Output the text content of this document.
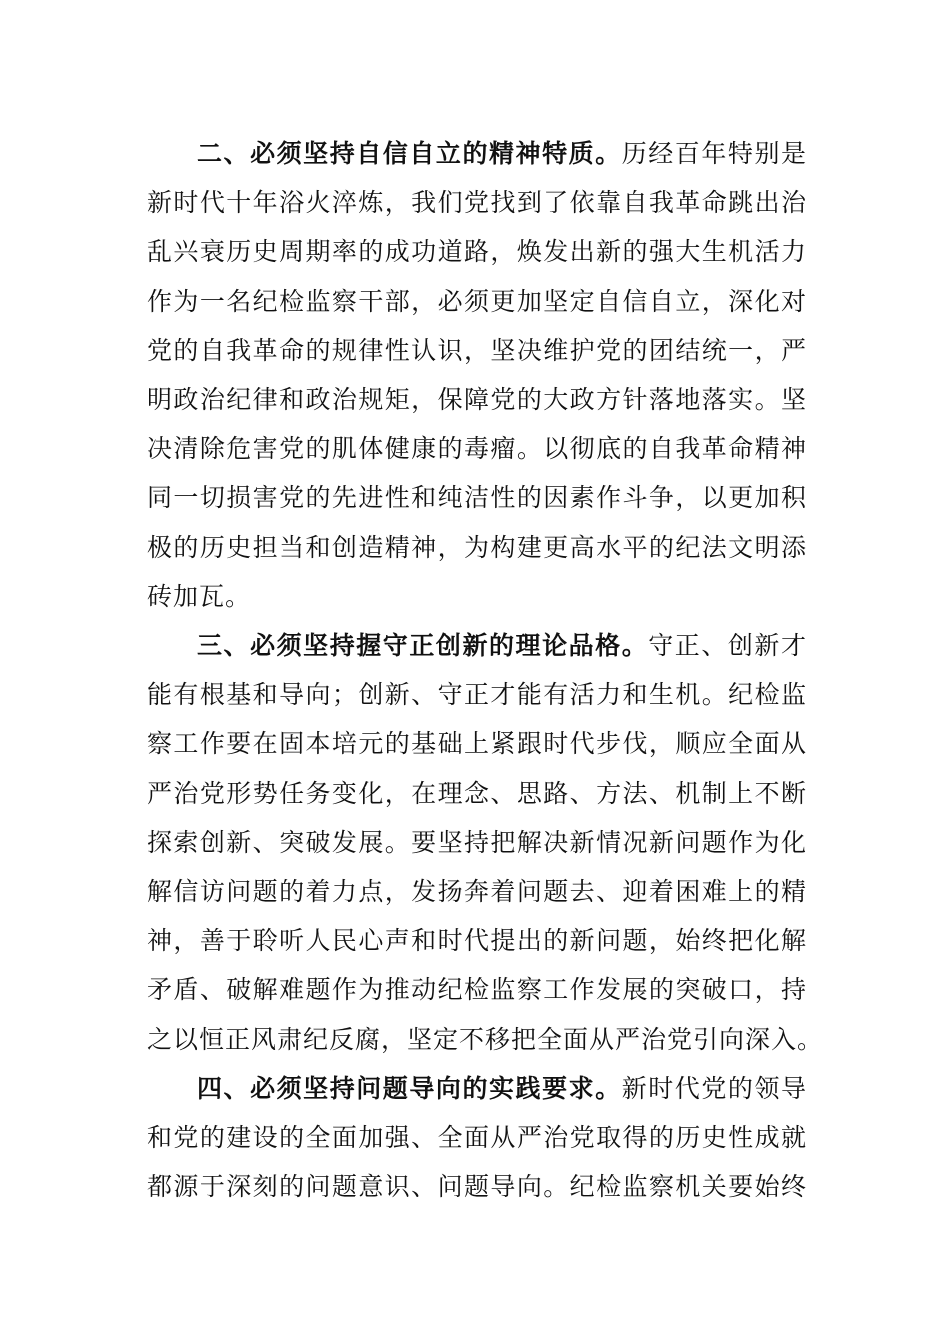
二、必须坚持自信自立的精神特质。历经百年特别是
新时代十年浴火淬炼，我们党找到了依靠自我革命跳出治
乱兴衰历史周期率的成功道路，焕发出新的强大生机活力
作为一名纪检监察干部，必须更加坚定自信自立，深化对
党的自我革命的规律性认识，坚决维护党的团结统一，严
明政治纪律和政治规矩，保障党的大政方针落地落实。坚
决清除危害党的肌体健康的毒瘤。以彻底的自我革命精神
同一切损害党的先进性和纯洁性的因素作斗争，以更加积
极的历史担当和创造精神，为构建更高水平的纪法文明添
砖加瓦。
三、必须坚持握守正创新的理论品格。守正、创新才
能有根基和导向；创新、守正才能有活力和生机。纪检监
察工作要在固本培元的基础上紧跟时代步伐，顺应全面从
严治党形势任务变化，在理念、思路、方法、机制上不断
探索创新、突破发展。要坚持把解决新情况新问题作为化
解信访问题的着力点，发扬奔着问题去、迎着困难上的精
神，善于聆听人民心声和时代提出的新问题，始终把化解
矛盾、破解难题作为推动纪检监察工作发展的突破口，持
之以恒正风肃纪反腐，坚定不移把全面从严治党引向深入。
四、必须坚持问题导向的实践要求。新时代党的领导
和党的建设的全面加强、全面从严治党取得的历史性成就
都源于深刻的问题意识、问题导向。纪检监察机关要始终
